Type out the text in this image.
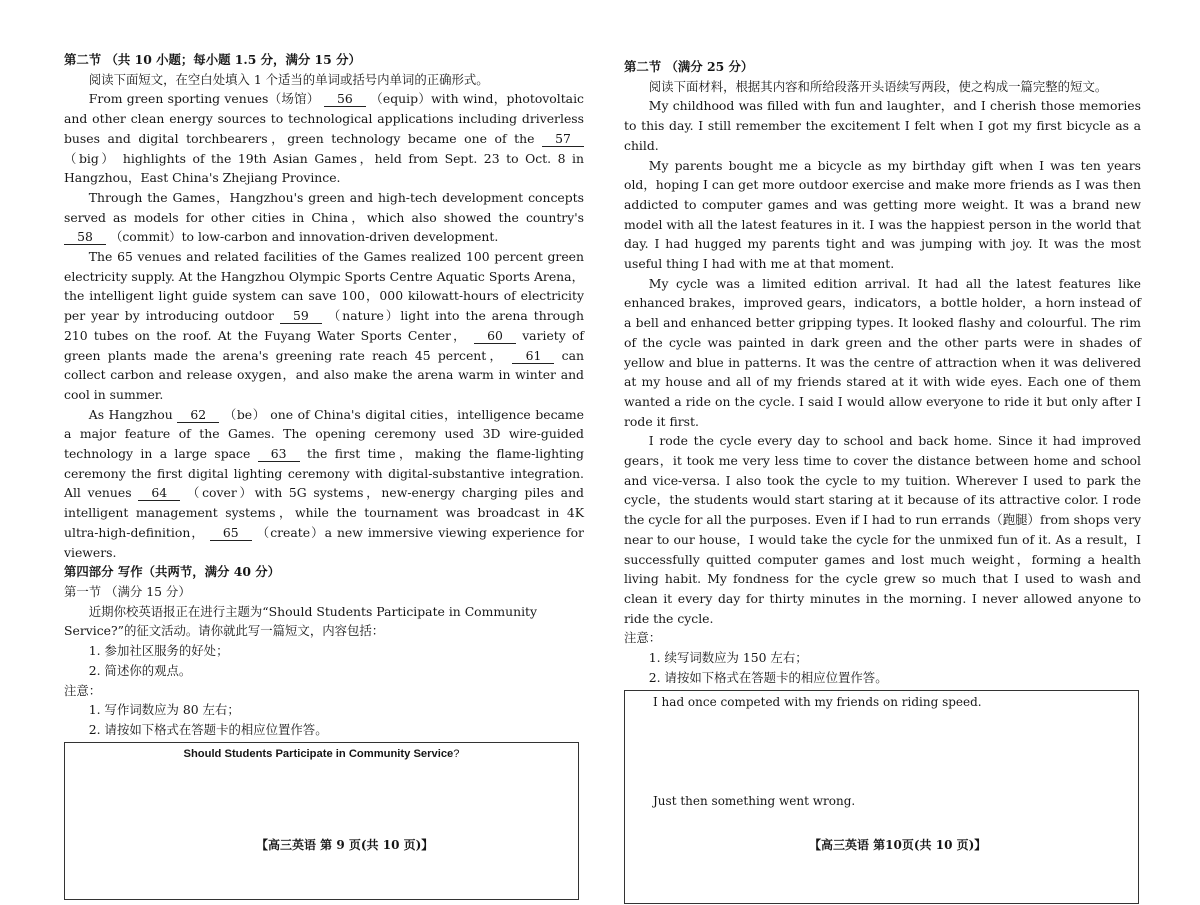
第二节 （共 10 小题；每小题 1.5 分，满分 15 分）

阅读下面短文，在空白处填入 1 个适当的单词或括号内单词的正确形式。

From green sporting venues（场馆） 56 （equip）with wind，photovoltaic and other clean energy sources to technological applications including driverless buses and digital torchbearers，green technology became one of the 57 （big） highlights of the 19th Asian Games，held from Sept. 23 to Oct. 8 in Hangzhou，East China's Zhejiang Province.

Through the Games，Hangzhou's green and high-tech development concepts served as models for other cities in China，which also showed the country's 58 （commit）to low-carbon and innovation-driven development.

The 65 venues and related facilities of the Games realized 100 percent green electricity supply. At the Hangzhou Olympic Sports Centre Aquatic Sports Arena，the intelligent light guide system can save 100，000 kilowatt-hours of electricity per year by introducing outdoor 59 （nature）light into the arena through 210 tubes on the roof. At the Fuyang Water Sports Center， 60 variety of green plants made the arena's greening rate reach 45 percent， 61 can collect carbon and release oxygen，and also make the arena warm in winter and cool in summer.

As Hangzhou 62 （be） one of China's digital cities，intelligence became a major feature of the Games. The opening ceremony used 3D wire-guided technology in a large space 63 the first time，making the flame-lighting ceremony the first digital lighting ceremony with digital-substantive integration. All venues 64 （cover）with 5G systems，new-energy charging piles and intelligent management systems，while the tournament was broadcast in 4K ultra-high-definition， 65 （create）a new immersive viewing experience for viewers.

第四部分 写作（共两节，满分 40 分）

第一节 （满分 15 分）

近期你校英语报正在进行主题为“Should Students Participate in Community Service?”的征文活动。请你就此写一篇短文，内容包括：

1. 参加社区服务的好处；

2. 简述你的观点。

注意：

1. 写作词数应为 80 左右；

2. 请按如下格式在答题卡的相应位置作答。

Should Students Participate in Community Service?
【高三英语 第 9 页(共 10 页)】

第二节 （满分 25 分）

阅读下面材料，根据其内容和所给段落开头语续写两段，使之构成一篇完整的短文。

My childhood was filled with fun and laughter，and I cherish those memories to this day. I still remember the excitement I felt when I got my first bicycle as a child.

My parents bought me a bicycle as my birthday gift when I was ten years old，hoping I can get more outdoor exercise and make more friends as I was then addicted to computer games and was getting more weight. It was a brand new model with all the latest features in it. I was the happiest person in the world that day. I had hugged my parents tight and was jumping with joy. It was the most useful thing I had with me at that moment.

My cycle was a limited edition arrival. It had all the latest features like enhanced brakes，improved gears，indicators，a bottle holder，a horn instead of a bell and enhanced better gripping types. It looked flashy and colourful. The rim of the cycle was painted in dark green and the other parts were in shades of yellow and blue in patterns. It was the centre of attraction when it was delivered at my house and all of my friends stared at it with wide eyes. Each one of them wanted a ride on the cycle. I said I would allow everyone to ride it but only after I rode it first.

I rode the cycle every day to school and back home. Since it had improved gears，it took me very less time to cover the distance between home and school and vice-versa. I also took the cycle to my tuition. Wherever I used to park the cycle，the students would start staring at it because of its attractive color. I rode the cycle for all the purposes. Even if I had to run errands（跑腿）from shops very near to our house，I would take the cycle for the unmixed fun of it. As a result，I successfully quitted computer games and lost much weight，forming a health living habit. My fondness for the cycle grew so much that I used to wash and clean it every day for thirty minutes in the morning. I never allowed anyone to ride the cycle.

注意：

1. 续写词数应为 150 左右；

2. 请按如下格式在答题卡的相应位置作答。

I had once competed with my friends on riding speed.
Just then something went wrong.
【高三英语 第10页(共 10 页)】
